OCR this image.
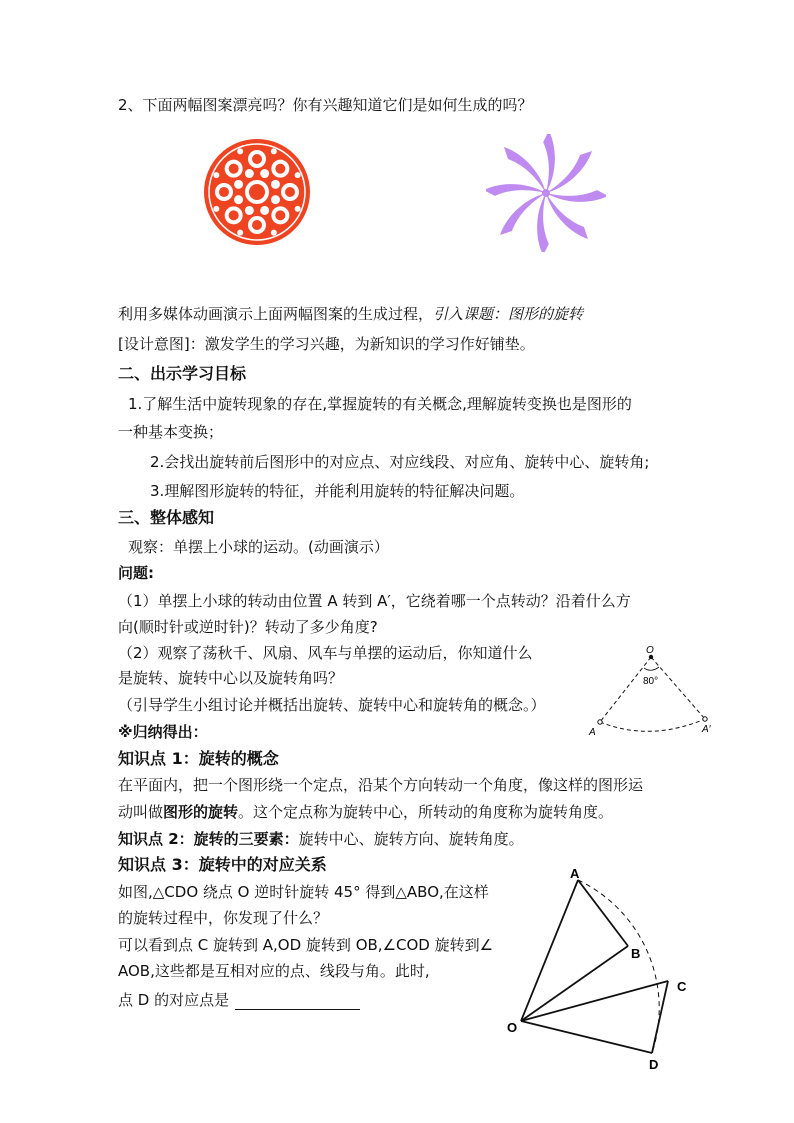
2、下面两幅图案漂亮吗？你有兴趣知道它们是如何生成的吗？
利用多媒体动画演示上面两幅图案的生成过程，引入课题：图形的旋转
[设计意图]：激发学生的学习兴趣，为新知识的学习作好铺垫。
二、出示学习目标
1.了解生活中旋转现象的存在,掌握旋转的有关概念,理解旋转变换也是图形的
一种基本变换；
2.会找出旋转前后图形中的对应点、对应线段、对应角、旋转中心、旋转角;
3.理解图形旋转的特征，并能利用旋转的特征解决问题。
三、整体感知
观察：单摆上小球的运动。(动画演示）
问题:
（1）单摆上小球的转动由位置 A 转到 A′，它绕着哪一个点转动？沿着什么方
向(顺时针或逆时针)？转动了多少角度?
（2）观察了荡秋千、风扇、风车与单摆的运动后，你知道什么
是旋转、旋转中心以及旋转角吗？
（引导学生小组讨论并概括出旋转、旋转中心和旋转角的概念。）
※归纳得出：
O
80°
A	A′
知识点 1：旋转的概念
在平面内，把一个图形绕一个定点，沿某个方向转动一个角度，像这样的图形运
动叫做图形的旋转。这个定点称为旋转中心，所转动的角度称为旋转角度。
知识点 2：旋转的三要素：旋转中心、旋转方向、旋转角度。
知识点 3：旋转中的对应关系
如图,△CDO 绕点 O 逆时针旋转 45° 得到△ABO,在这样
的旋转过程中，你发现了什么？
可以看到点 C 旋转到 A,OD 旋转到 OB,∠COD 旋转到∠
AOB,这些都是互相对应的点、线段与角。此时,
点 D 的对应点是
A
B
C
D
O
